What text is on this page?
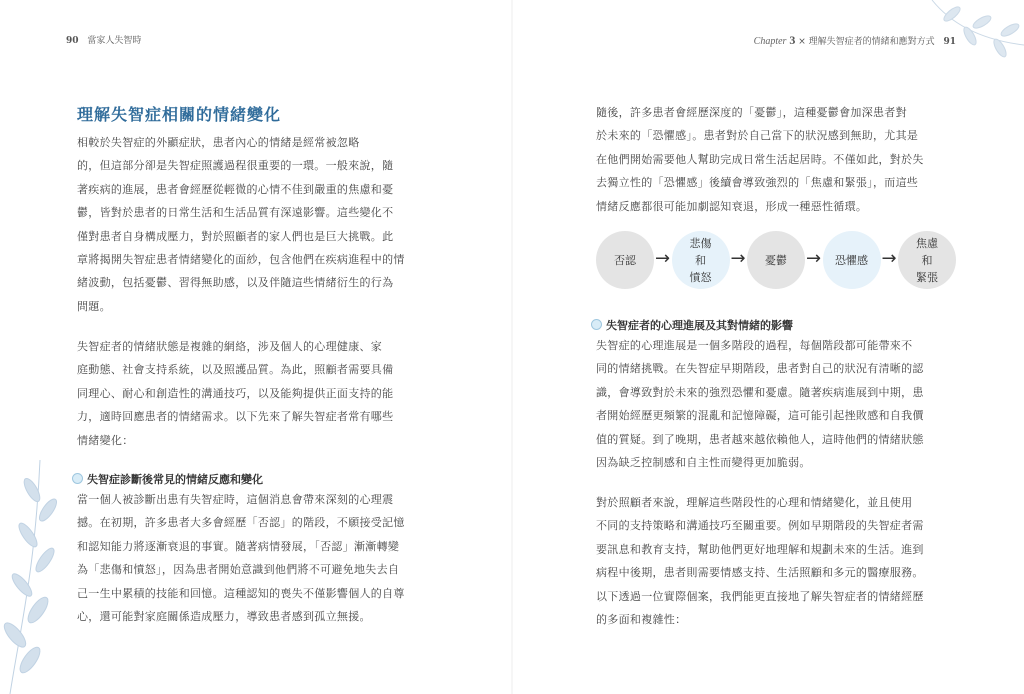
90 當家人失智時
理解失智症相關的情緒變化
相較於失智症的外顯症狀，患者內心的情緒是經常被忽略
的，但這部分卻是失智症照護過程很重要的一環。一般來說，隨
著疾病的進展，患者會經歷從輕微的心情不佳到嚴重的焦慮和憂
鬱，皆對於患者的日常生活和生活品質有深遠影響。這些變化不
僅對患者自身構成壓力，對於照顧者的家人們也是巨大挑戰。此
章將揭開失智症患者情緒變化的面紗，包含他們在疾病進程中的情
緒波動，包括憂鬱、習得無助感，以及伴隨這些情緒衍生的行為
問題。
失智症者的情緒狀態是複雜的網絡，涉及個人的心理健康、家
庭動態、社會支持系統，以及照護品質。為此，照顧者需要具備
同理心、耐心和創造性的溝通技巧，以及能夠提供正面支持的能
力，適時回應患者的情緒需求。以下先來了解失智症者常有哪些
情緒變化：
失智症診斷後常見的情緒反應和變化
當一個人被診斷出患有失智症時，這個消息會帶來深刻的心理震
撼。在初期，許多患者大多會經歷「否認」的階段，不願接受記憶
和認知能力將逐漸衰退的事實。隨著病情發展，「否認」漸漸轉變
為「悲傷和憤怒」，因為患者開始意識到他們將不可避免地失去自
己一生中累積的技能和回憶。這種認知的喪失不僅影響個人的自尊
心，還可能對家庭關係造成壓力，導致患者感到孤立無援。
Chapter 3 × 理解失智症者的情緒和應對方式 91
隨後，許多患者會經歷深度的「憂鬱」，這種憂鬱會加深患者對
於未來的「恐懼感」。患者對於自己當下的狀況感到無助，尤其是
在他們開始需要他人幫助完成日常生活起居時。不僅如此，對於失
去獨立性的「恐懼感」後續會導致強烈的「焦慮和緊張」，而這些
情緒反應都很可能加劇認知衰退，形成一種惡性循環。
否認 →
悲傷
和
憤怒
→ 憂鬱 → 恐懼感 →
焦慮
和
緊張
失智症者的心理進展及其對情緒的影響
失智症的心理進展是一個多階段的過程，每個階段都可能帶來不
同的情緒挑戰。在失智症早期階段，患者對自己的狀況有清晰的認
識，會導致對於未來的強烈恐懼和憂慮。隨著疾病進展到中期，患
者開始經歷更頻繁的混亂和記憶障礙，這可能引起挫敗感和自我價
值的質疑。到了晚期，患者越來越依賴他人，這時他們的情緒狀態
因為缺乏控制感和自主性而變得更加脆弱。
對於照顧者來說，理解這些階段性的心理和情緒變化，並且使用
不同的支持策略和溝通技巧至關重要。例如早期階段的失智症者需
要訊息和教育支持，幫助他們更好地理解和規劃未來的生活。進到
病程中後期，患者則需要情感支持、生活照顧和多元的醫療服務。
以下透過一位實際個案，我們能更直接地了解失智症者的情緒經歷
的多面和複雜性：
